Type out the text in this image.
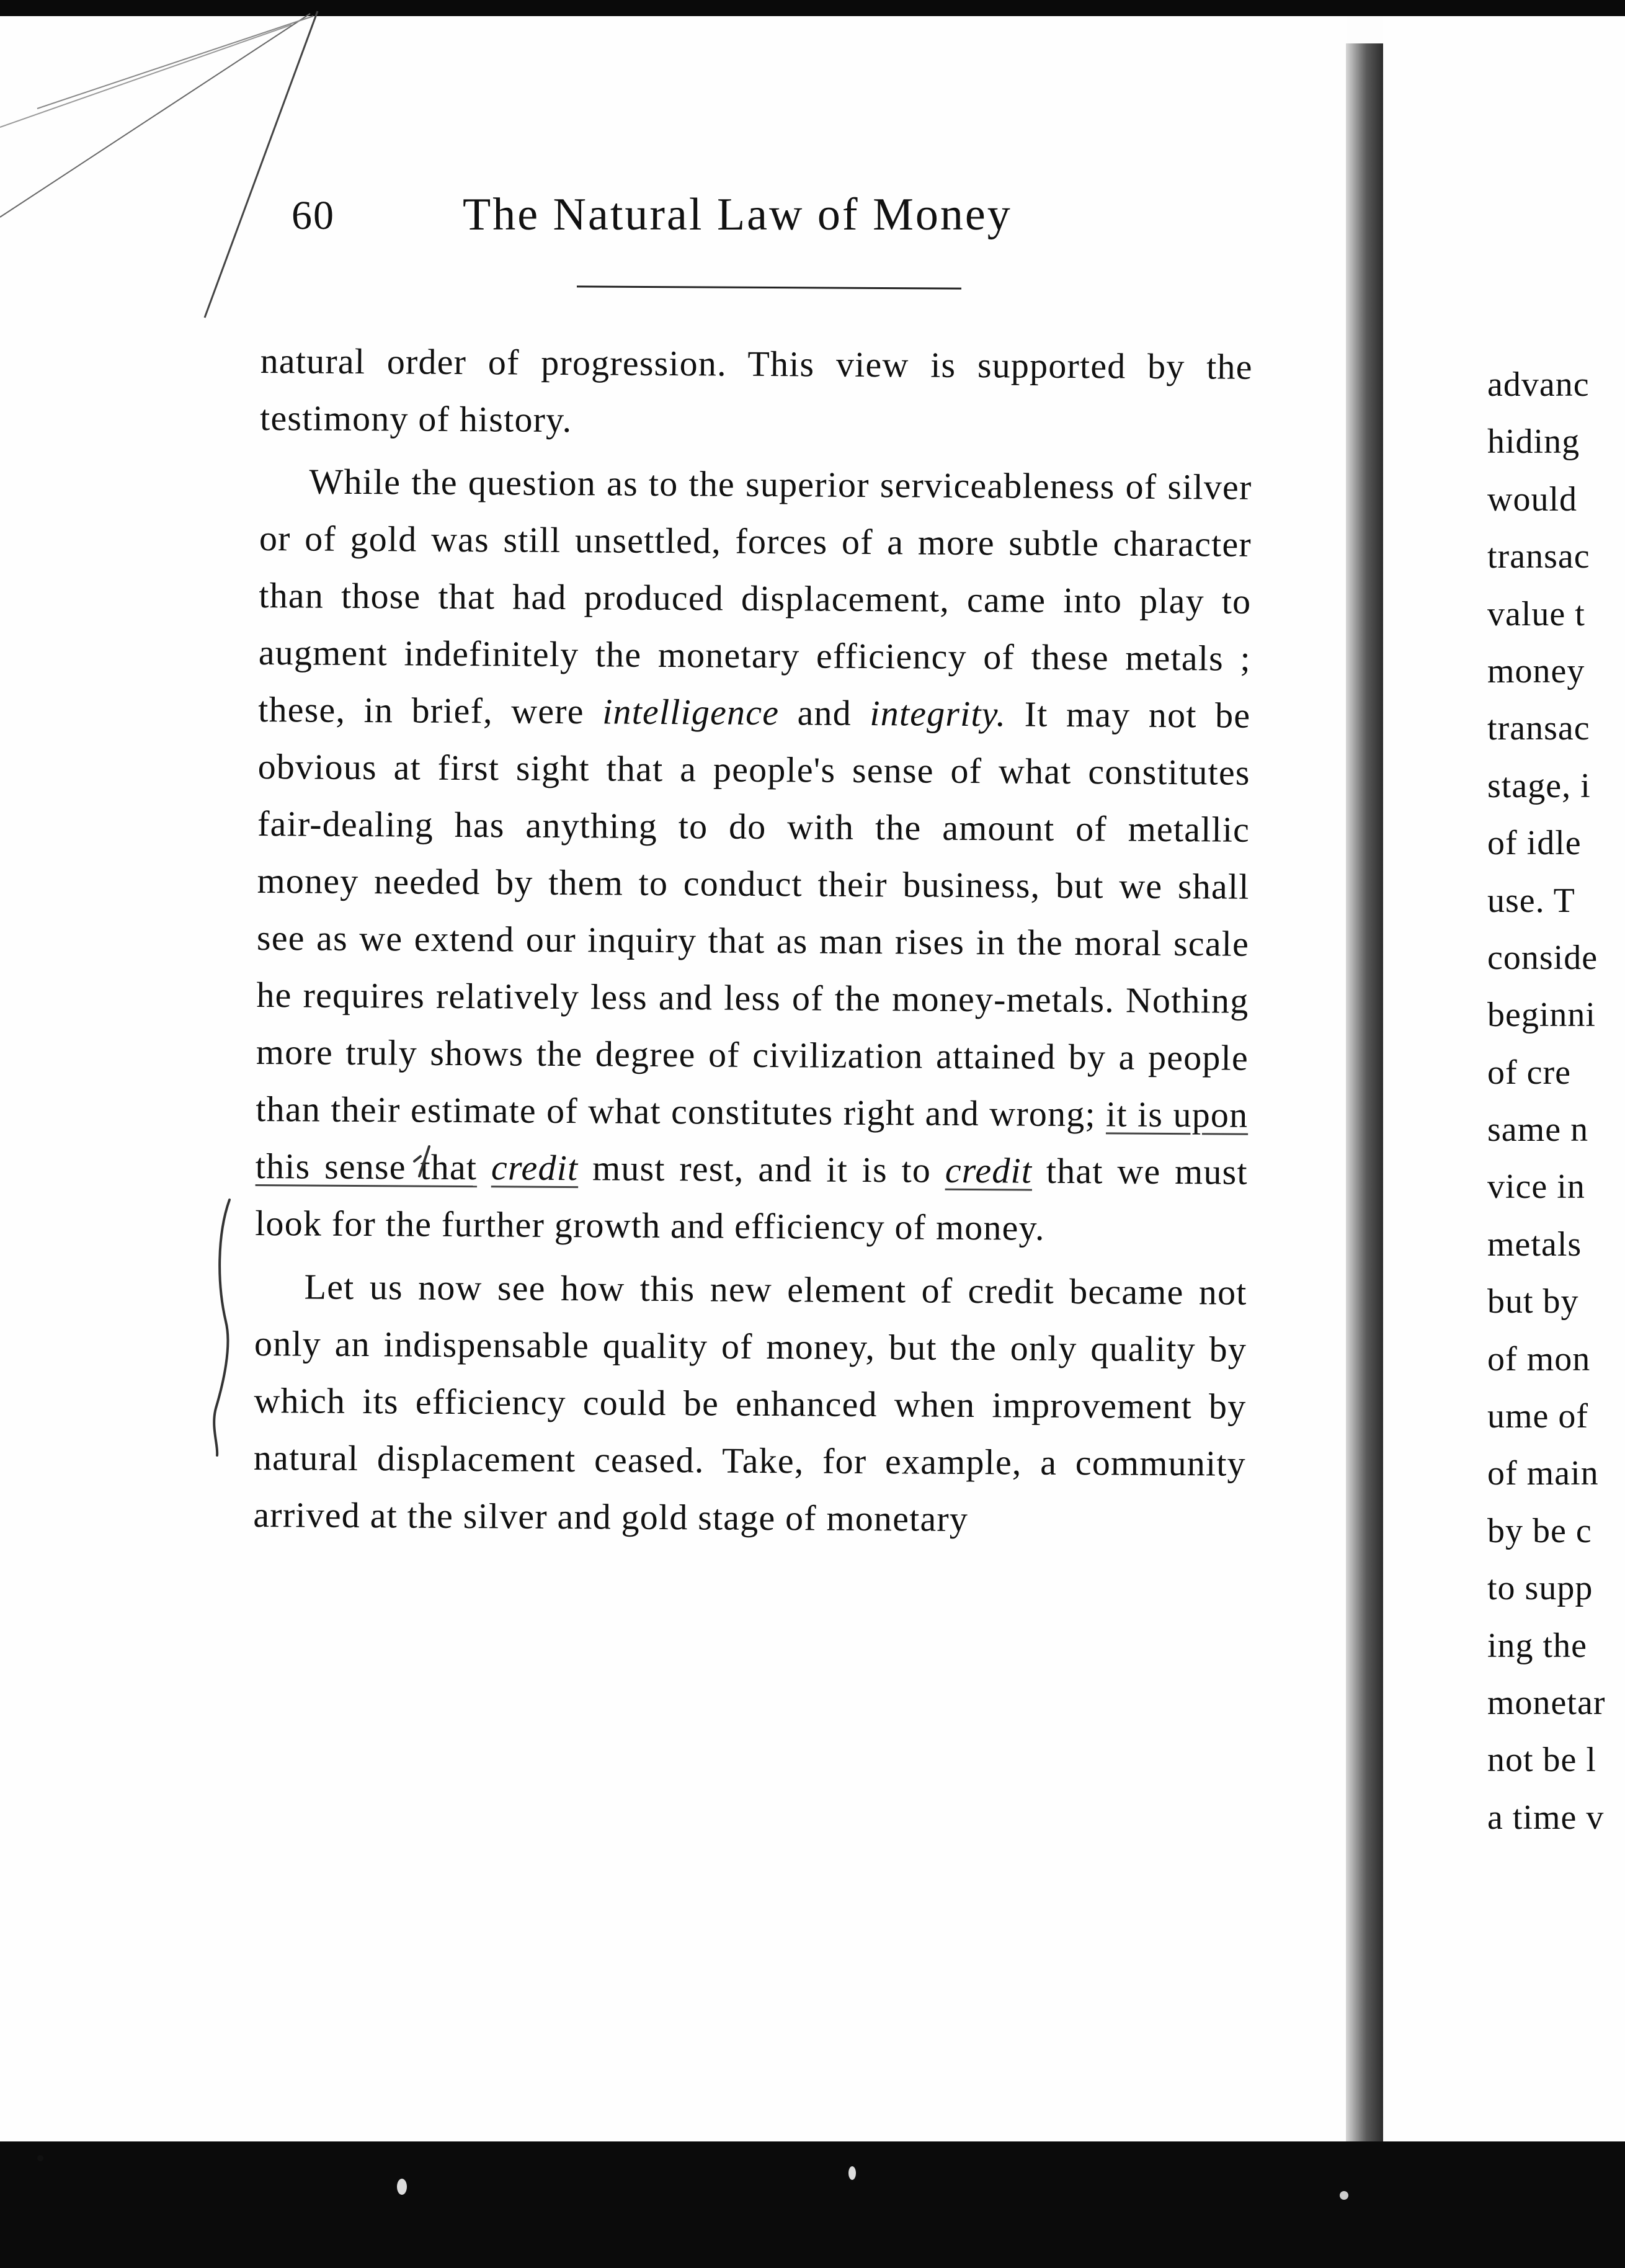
60	The Natural Law of Money

natural order of progression. This view is supported by the testimony of history.

While the question as to the superior serviceableness of silver or of gold was still unsettled, forces of a more subtle character than those that had produced displacement, came into play to augment indefinitely the monetary efficiency of these metals ; these, in brief, were intelligence and integrity. It may not be obvious at first sight that a people's sense of what constitutes fair-dealing has anything to do with the amount of metallic money needed by them to conduct their business, but we shall see as we extend our inquiry that as man rises in the moral scale he requires relatively less and less of the money-metals. Nothing more truly shows the degree of civilization attained by a people than their estimate of what constitutes right and wrong; it is upon this sense that credit must rest, and it is to credit that we must look for the further growth and efficiency of money.

Let us now see how this new element of credit became not only an indispensable quality of money, but the only quality by which its efficiency could be enhanced when improvement by natural displacement ceased. Take, for example, a community arrived at the silver and gold stage of monetary

advanc
hiding
would
transac
value t
money
transac
stage, i
of idle
use. T
conside
beginni
of cre
same n
vice in
metals
but by
of mon
ume of
of main
by be c
to supp
ing the
monetar
not be l
a time v
